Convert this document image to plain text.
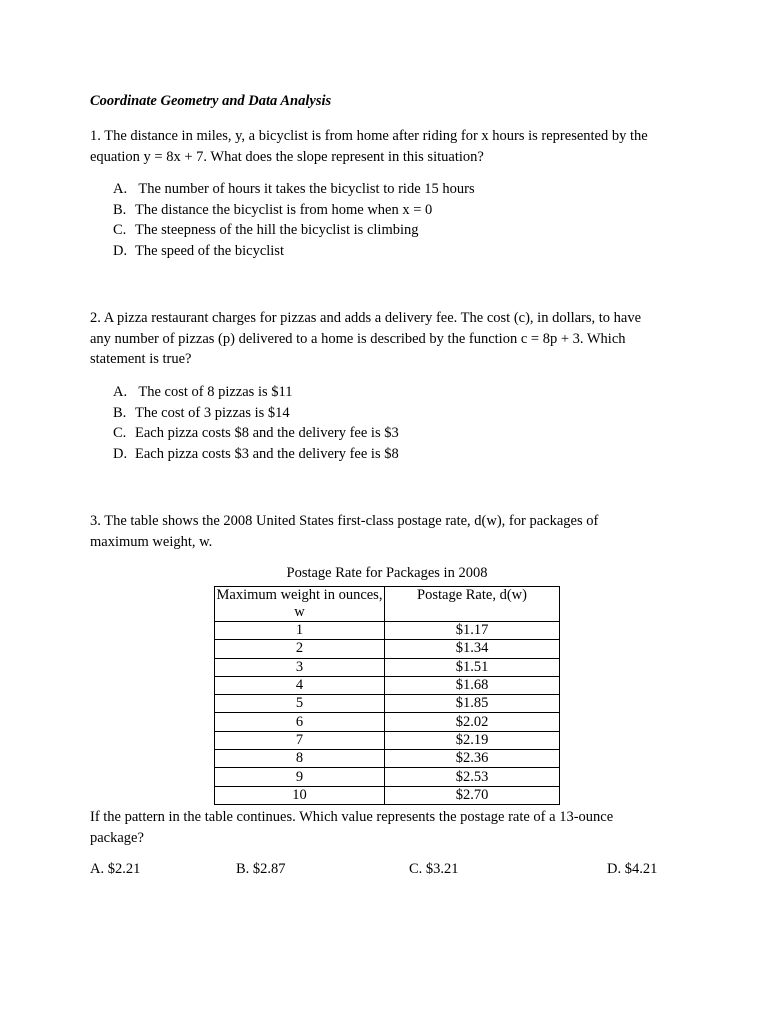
Coordinate Geometry and Data Analysis
1. The distance in miles, y, a bicyclist is from home after riding for x hours is represented by the
equation y = 8x + 7. What does the slope represent in this situation?
A. The number of hours it takes the bicyclist to ride 15 hours
B. The distance the bicyclist is from home when x = 0
C. The steepness of the hill the bicyclist is climbing
D. The speed of the bicyclist
2. A pizza restaurant charges for pizzas and adds a delivery fee. The cost (c), in dollars, to have
any number of pizzas (p) delivered to a home is described by the function c = 8p + 3. Which
statement is true?
A. The cost of 8 pizzas is $11
B. The cost of 3 pizzas is $14
C. Each pizza costs $8 and the delivery fee is $3
D. Each pizza costs $3 and the delivery fee is $8
3. The table shows the 2008 United States first-class postage rate, d(w), for packages of
maximum weight, w.
Postage Rate for Packages in 2008
Maximum weight in ounces, w	Postage Rate, d(w)
1	$1.17
2	$1.34
3	$1.51
4	$1.68
5	$1.85
6	$2.02
7	$2.19
8	$2.36
9	$2.53
10	$2.70
If the pattern in the table continues. Which value represents the postage rate of a 13-ounce
package?
A. $2.21	B. $2.87	C. $3.21	D. $4.21
